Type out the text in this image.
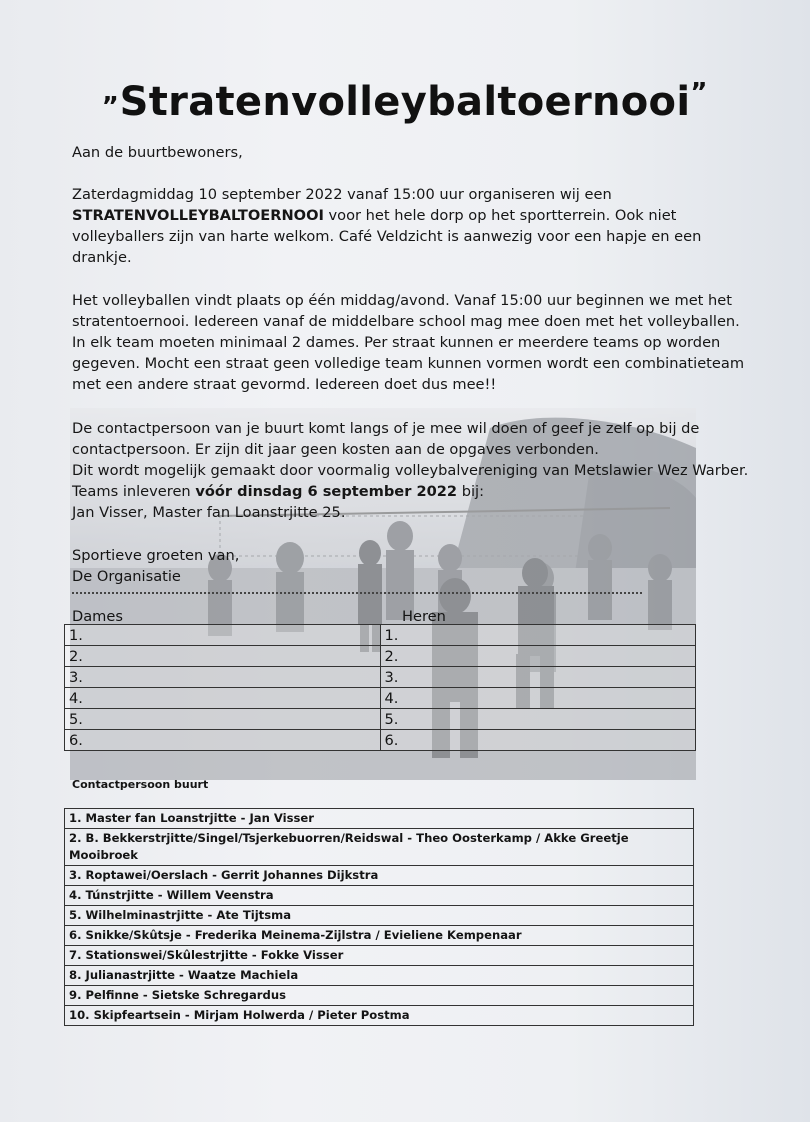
„Stratenvolleybaltoernooi”
Aan de buurtbewoners,
Zaterdagmiddag 10 september 2022 vanaf 15:00 uur organiseren wij een STRATENVOLLEYBALTOERNOOI voor het hele dorp op het sportterrein. Ook niet volleyballers zijn van harte welkom. Café Veldzicht is aanwezig voor een hapje en een drankje.
Het volleyballen vindt plaats op één middag/avond. Vanaf 15:00 uur beginnen we met het stratentoernooi. Iedereen vanaf de middelbare school mag mee doen met het volleyballen. In elk team moeten minimaal 2 dames. Per straat kunnen er meerdere teams op worden gegeven. Mocht een straat geen volledige team kunnen vormen wordt een combinatieteam met een andere straat gevormd. Iedereen doet dus mee!!
De contactpersoon van je buurt komt langs of je mee wil doen of geef je zelf op bij de contactpersoon. Er zijn dit jaar geen kosten aan de opgaves verbonden.
Dit wordt mogelijk gemaakt door voormalig volleybalvereniging van Metslawier Wez Warber.
Teams inleveren vóór dinsdag 6 september 2022 bij:
Jan Visser, Master fan Loanstrjitte 25.
Sportieve groeten van,
De Organisatie
Dames	Heren
1.	1.
2.	2.
3.	3.
4.	4.
5.	5.
6.	6.
Contactpersoon buurt
1. Master fan Loanstrjitte - Jan Visser
2. B. Bekkerstrjitte/Singel/Tsjerkebuorren/Reidswal - Theo Oosterkamp / Akke Greetje Mooibroek
3. Roptawei/Oerslach - Gerrit Johannes Dijkstra
4. Túnstrjitte - Willem Veenstra
5. Wilhelminastrjitte - Ate Tijtsma
6. Snikke/Skûtsje - Frederika Meinema-Zijlstra / Evieliene Kempenaar
7. Stationswei/Skûlestrjitte - Fokke Visser
8. Julianastrjitte - Waatze Machiela
9. Pelfinne - Sietske Schregardus
10. Skipfeartsein - Mirjam Holwerda / Pieter Postma
